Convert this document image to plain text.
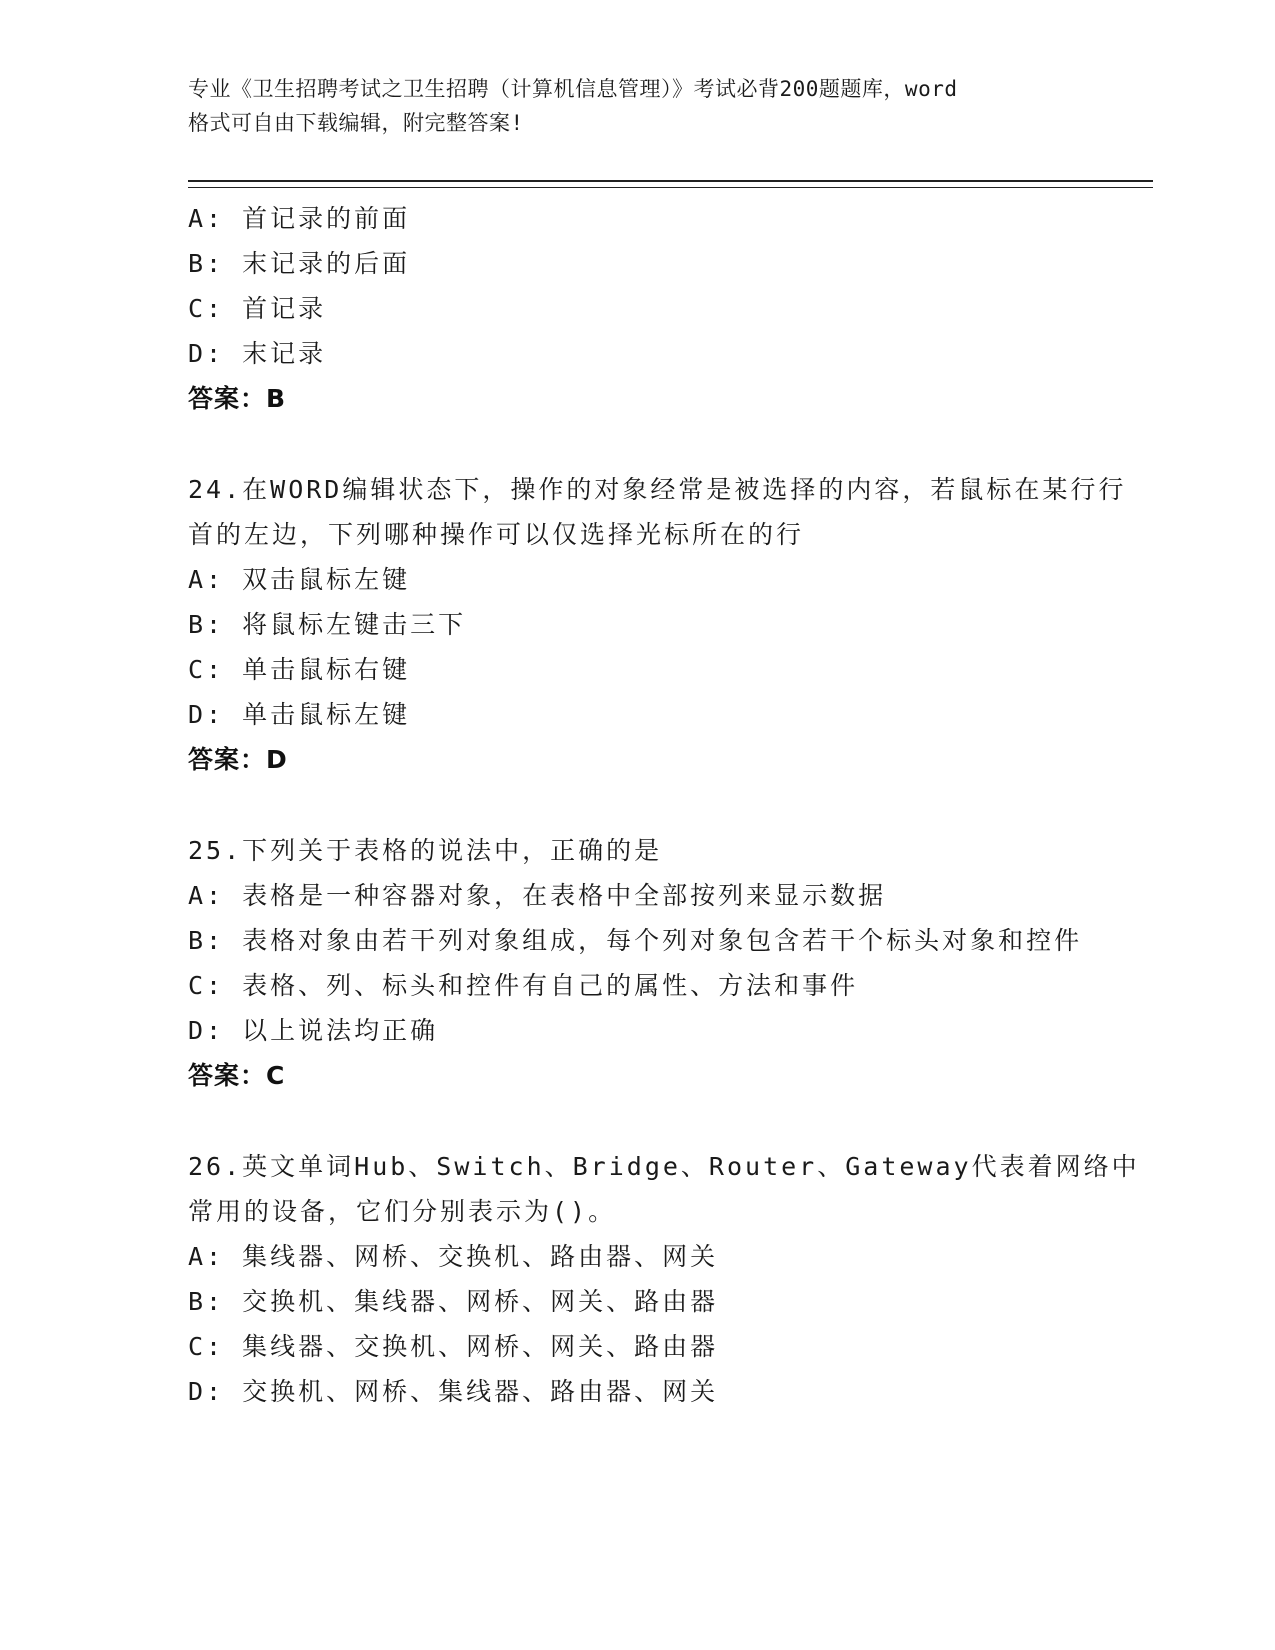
专业《卫生招聘考试之卫生招聘（计算机信息管理）》考试必背200题题库，word

格式可自由下载编辑，附完整答案!

A: 首记录的前面

B: 末记录的后面

C: 首记录

D: 末记录

答案：B

24.在WORD编辑状态下，操作的对象经常是被选择的内容，若鼠标在某行行首的左边，下列哪种操作可以仅选择光标所在的行

A: 双击鼠标左键

B: 将鼠标左键击三下

C: 单击鼠标右键

D: 单击鼠标左键

答案：D

25.下列关于表格的说法中，正确的是

A: 表格是一种容器对象，在表格中全部按列来显示数据

B: 表格对象由若干列对象组成，每个列对象包含若干个标头对象和控件

C: 表格、列、标头和控件有自己的属性、方法和事件

D: 以上说法均正确

答案：C

26.英文单词Hub、Switch、Bridge、Router、Gateway代表着网络中常用的设备，它们分别表示为()。

A: 集线器、网桥、交换机、路由器、网关

B: 交换机、集线器、网桥、网关、路由器

C: 集线器、交换机、网桥、网关、路由器

D: 交换机、网桥、集线器、路由器、网关
